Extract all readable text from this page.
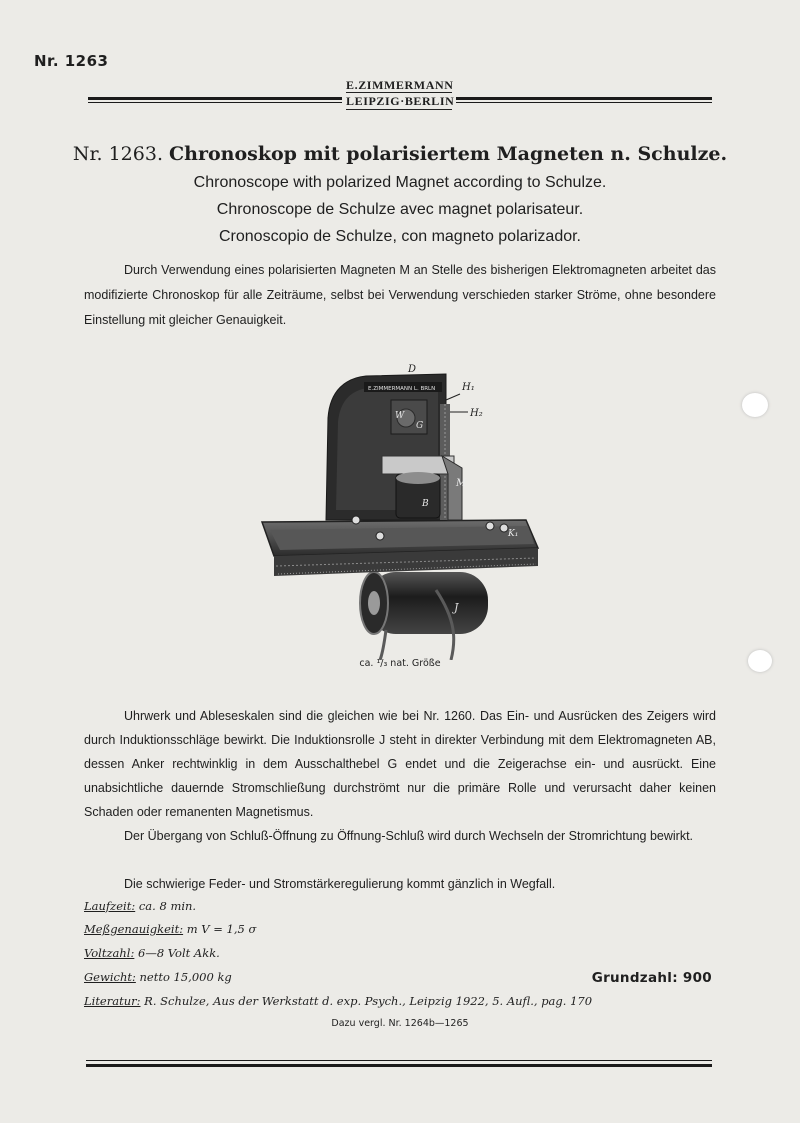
Nr. 1263
E.ZIMMERMANN
LEIPZIG·BERLIN
Nr. 1263. Chronoskop mit polarisiertem Magneten n. Schulze.
Chronoscope with polarized Magnet according to Schulze.
Chronoscope de Schulze avec magnet polarisateur.
Cronoscopio de Schulze, con magneto polarizador.
Durch Verwendung eines polarisierten Magneten M an Stelle des bisherigen Elektromagneten arbeitet das modifizierte Chronoskop für alle Zeiträume, selbst bei Verwendung verschieden starker Ströme, ohne besondere Einstellung mit gleicher Genauigkeit.
J
E.ZIMMERMANN L. BRLN
D
H₁
H₂
W
G
M
B
K₁
ca. ¹/₃ nat. Größe

Uhrwerk und Ableseskalen sind die gleichen wie bei Nr. 1260. Das Ein- und Ausrücken des Zeigers wird durch Induktionsschläge bewirkt. Die Induktionsrolle J steht in direkter Verbindung mit dem Elektromagneten AB, dessen Anker rechtwinklig in dem Ausschalthebel G endet und die Zeigerachse ein- und ausrückt. Eine unabsichtliche dauernde Stromschließung durchströmt nur die primäre Rolle und verursacht daher keinen Schaden oder remanenten Magnetismus.

Der Übergang von Schluß-Öffnung zu Öffnung-Schluß wird durch Wechseln der Stromrichtung bewirkt.

Die schwierige Feder- und Stromstärkeregulierung kommt gänzlich in Wegfall.

Laufzeit: ca. 8 min.
Meßgenauigkeit: m V = 1,5 σ
Voltzahl: 6—8 Volt Akk.
Gewicht: netto 15,000 kg
Literatur: R. Schulze, Aus der Werkstatt d. exp. Psych., Leipzig 1922, 5. Aufl., pag. 170
Grundzahl: 900
Dazu vergl. Nr. 1264b—1265
